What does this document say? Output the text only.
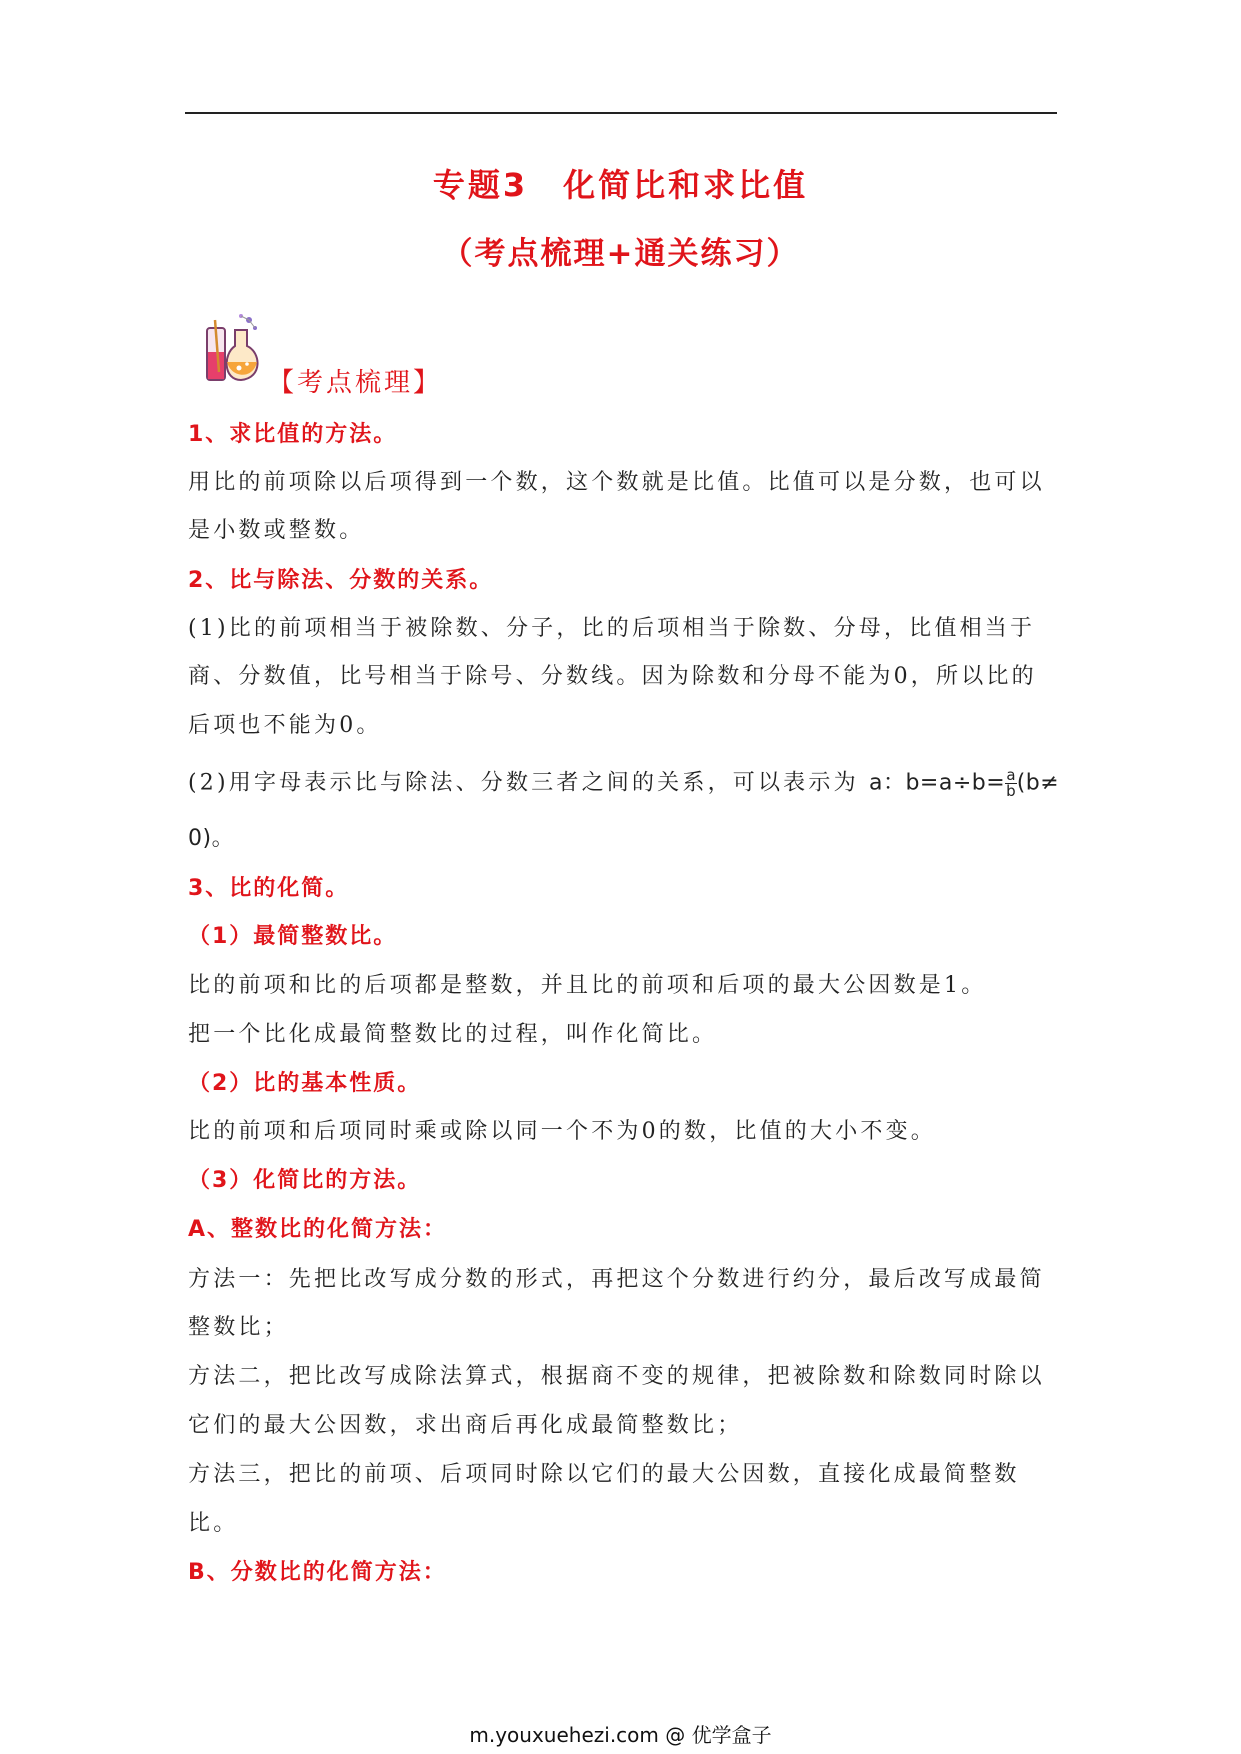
专题3　化简比和求比值
（考点梳理+通关练习）
【考点梳理】
1、求比值的方法。
用比的前项除以后项得到一个数，这个数就是比值。比值可以是分数，也可以
是小数或整数。
2、比与除法、分数的关系。
(1)比的前项相当于被除数、分子，比的后项相当于除数、分母，比值相当于
商、分数值，比号相当于除号、分数线。因为除数和分母不能为0，所以比的
后项也不能为0。
(2)用字母表示比与除法、分数三者之间的关系，可以表示为 a：$b=a\div b= \frac{a}{b} (b\ne$
0)。
3、比的化简。
（1）最简整数比。
比的前项和比的后项都是整数，并且比的前项和后项的最大公因数是1。
把一个比化成最简整数比的过程，叫作化简比。
（2）比的基本性质。
比的前项和后项同时乘或除以同一个不为0的数，比值的大小不变。
（3）化简比的方法。
A、整数比的化简方法：
方法一：先把比改写成分数的形式，再把这个分数进行约分，最后改写成最简
整数比；
方法二，把比改写成除法算式，根据商不变的规律，把被除数和除数同时除以
它们的最大公因数，求出商后再化成最简整数比；
方法三，把比的前项、后项同时除以它们的最大公因数，直接化成最简整数
比。
B、分数比的化简方法：
m.youxuehezi.com @ 优学盒子
